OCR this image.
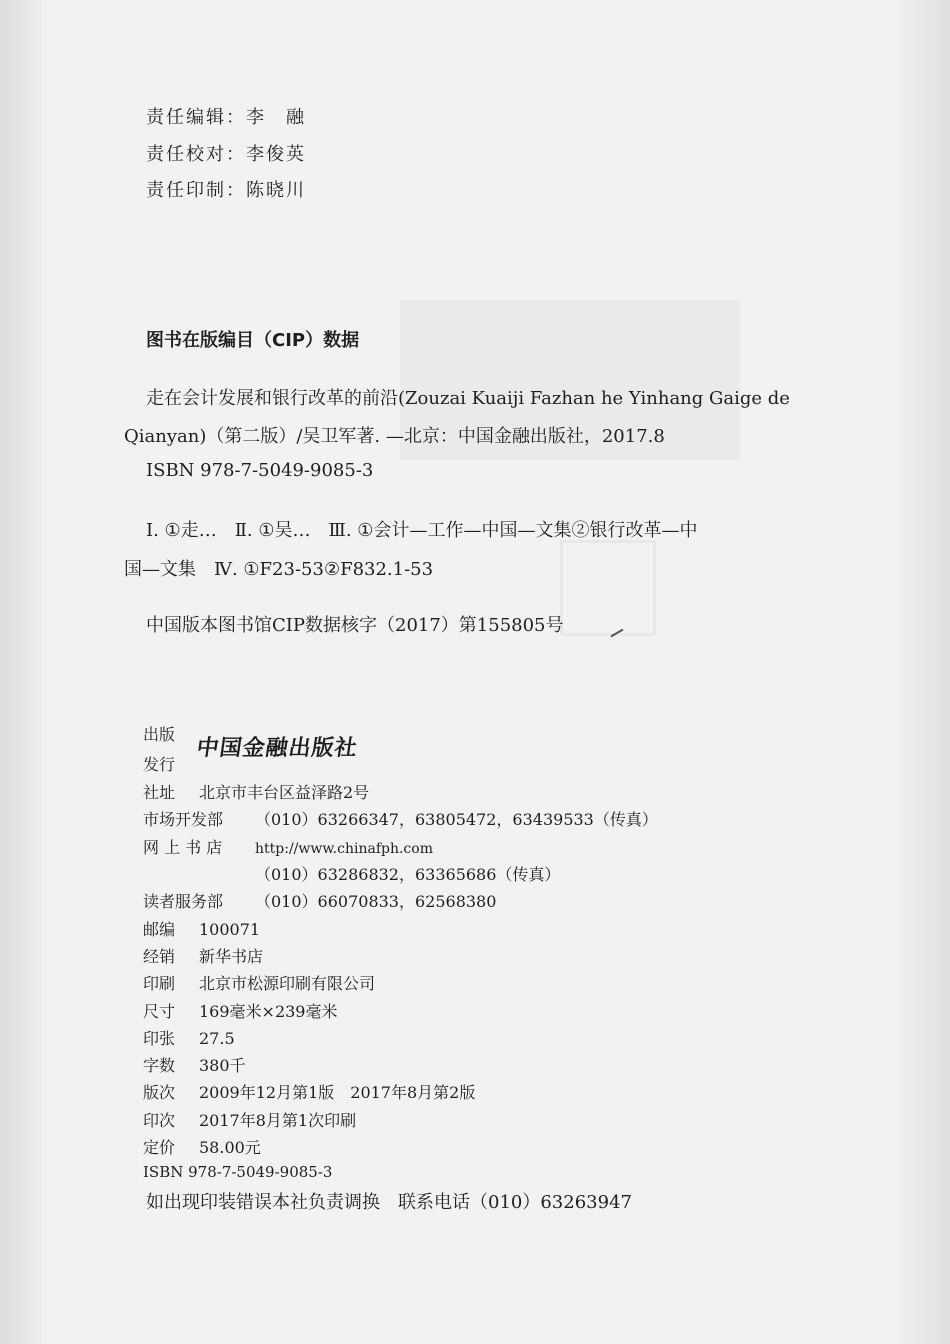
责任编辑：李　融
责任校对：李俊英
责任印制：陈晓川
图书在版编目（CIP）数据
走在会计发展和银行改革的前沿(Zouzai Kuaiji Fazhan he Yinhang Gaige de
Qianyan)（第二版）/吴卫军著. —北京：中国金融出版社，2017.8
ISBN 978-7-5049-9085-3
Ⅰ. ①走…　Ⅱ. ①吴…　Ⅲ. ①会计—工作—中国—文集②银行改革—中
国—文集　Ⅳ. ①F23-53②F832.1-53
中国版本图书馆CIP数据核字（2017）第155805号
出版
发行
中国金融出版社
社址 北京市丰台区益泽路2号
市场开发部 （010）63266347，63805472，63439533（传真）
网 上 书 店 http://www.chinafph.com
（010）63286832，63365686（传真）
读者服务部 （010）66070833，62568380
邮编 100071
经销 新华书店
印刷 北京市松源印刷有限公司
尺寸 169毫米×239毫米
印张 27.5
字数 380千
版次 2009年12月第1版　2017年8月第2版
印次 2017年8月第1次印刷
定价 58.00元
ISBN 978-7-5049-9085-3
如出现印装错误本社负责调换　联系电话（010）63263947
